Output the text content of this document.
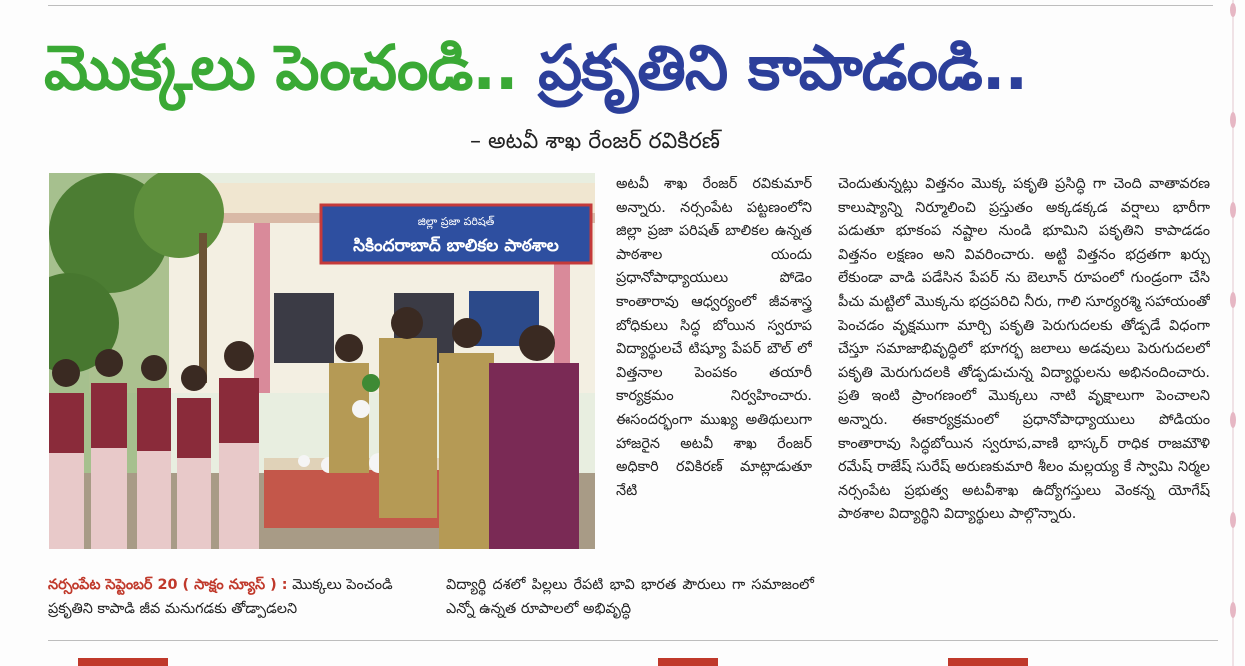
మొక్కలు పెంచండి.. ప్రకృతిని కాపాడండి..
– అటవీ శాఖ రేంజర్ రవికిరణ్
జిల్లా ప్రజా పరిషత్
సికిందరాబాద్ బాలికల పాఠశాల
అటవీ శాఖ రేంజర్ రవికుమార్ అన్నారు. నర్సంపేట పట్టణంలోని జిల్లా ప్రజా పరిషత్ బాలికల ఉన్నత పాఠశాల యందు ప్రధానోపాధ్యాయులు పోడెం కాంతారావు ఆధ్వర్యంలో జీవశాస్త్ర బోధికులు సిద్ధ బోయిన స్వరూప విద్యార్థులచే టిష్యూ పేపర్ బౌల్ లో విత్తనాల పెంపకం తయారీ కార్యక్రమం నిర్వహించారు. ఈసందర్భంగా ముఖ్య అతిథులుగా హాజరైన అటవీ శాఖ రేంజర్ అధికారి రవికిరణ్ మాట్లాడుతూ నేటి
చెందుతున్నట్లు విత్తనం మొక్క పకృతి ప్రసిద్ధి గా చెంది వాతావరణ కాలుష్యాన్ని నిర్మూలించి ప్రస్తుతం అక్కడక్కడ వర్షాలు భారీగా పడుతూ భూకంప నష్టాల నుండి భూమిని పకృతిని కాపాడడం విత్తనం లక్షణం అని వివరించారు. అట్టి విత్తనం భద్రతగా ఖర్చు లేకుండా వాడి పడేసిన పేపర్ ను బెలూన్ రూపంలో గుండ్రంగా చేసి పీచు మట్టిలో మొక్కను భద్రపరిచి నీరు, గాలి సూర్యరశ్మి సహాయంతో పెంచడం వృక్షముగా మార్చి పకృతి పెరుగుదలకు తోడ్పడే విధంగా చేస్తూ సమాజాభివృద్ధిలో భూగర్భ జలాలు అడవులు పెరుగుదలలో పకృతి మెరుగుదలకి తోడ్పడుచున్న విద్యార్థులను అభినందించారు. ప్రతి ఇంటి ప్రాంగణంలో మొక్కలు నాటి వృక్షాలుగా పెంచాలని అన్నారు. ఈకార్యక్రమంలో ప్రధానోపాధ్యాయులు పోడియం కాంతారావు సిద్ధబోయిన స్వరూప,వాణి భాస్కర్ రాధిక రాజమౌళి రమేష్ రాజేష్ సురేష్ అరుణకుమారి శీలం మల్లయ్య కే స్వామి నిర్మల నర్సంపేట ప్రభుత్వ అటవీశాఖ ఉద్యోగస్తులు వెంకన్న యోగేష్ పాఠశాల విద్యార్థిని విద్యార్థులు పాల్గొన్నారు.
నర్సంపేట సెప్టెంబర్ 20 ( సాక్షం న్యూస్ ) : మొక్కలు పెంచండి ప్రకృతిని కాపాడి జీవ మనుగడకు తోడ్పాడలని
విద్యార్థి దశలో పిల్లలు రేపటి భావి భారత పౌరులు గా సమాజంలో ఎన్నో ఉన్నత రూపాలలో అభివృద్ధి
